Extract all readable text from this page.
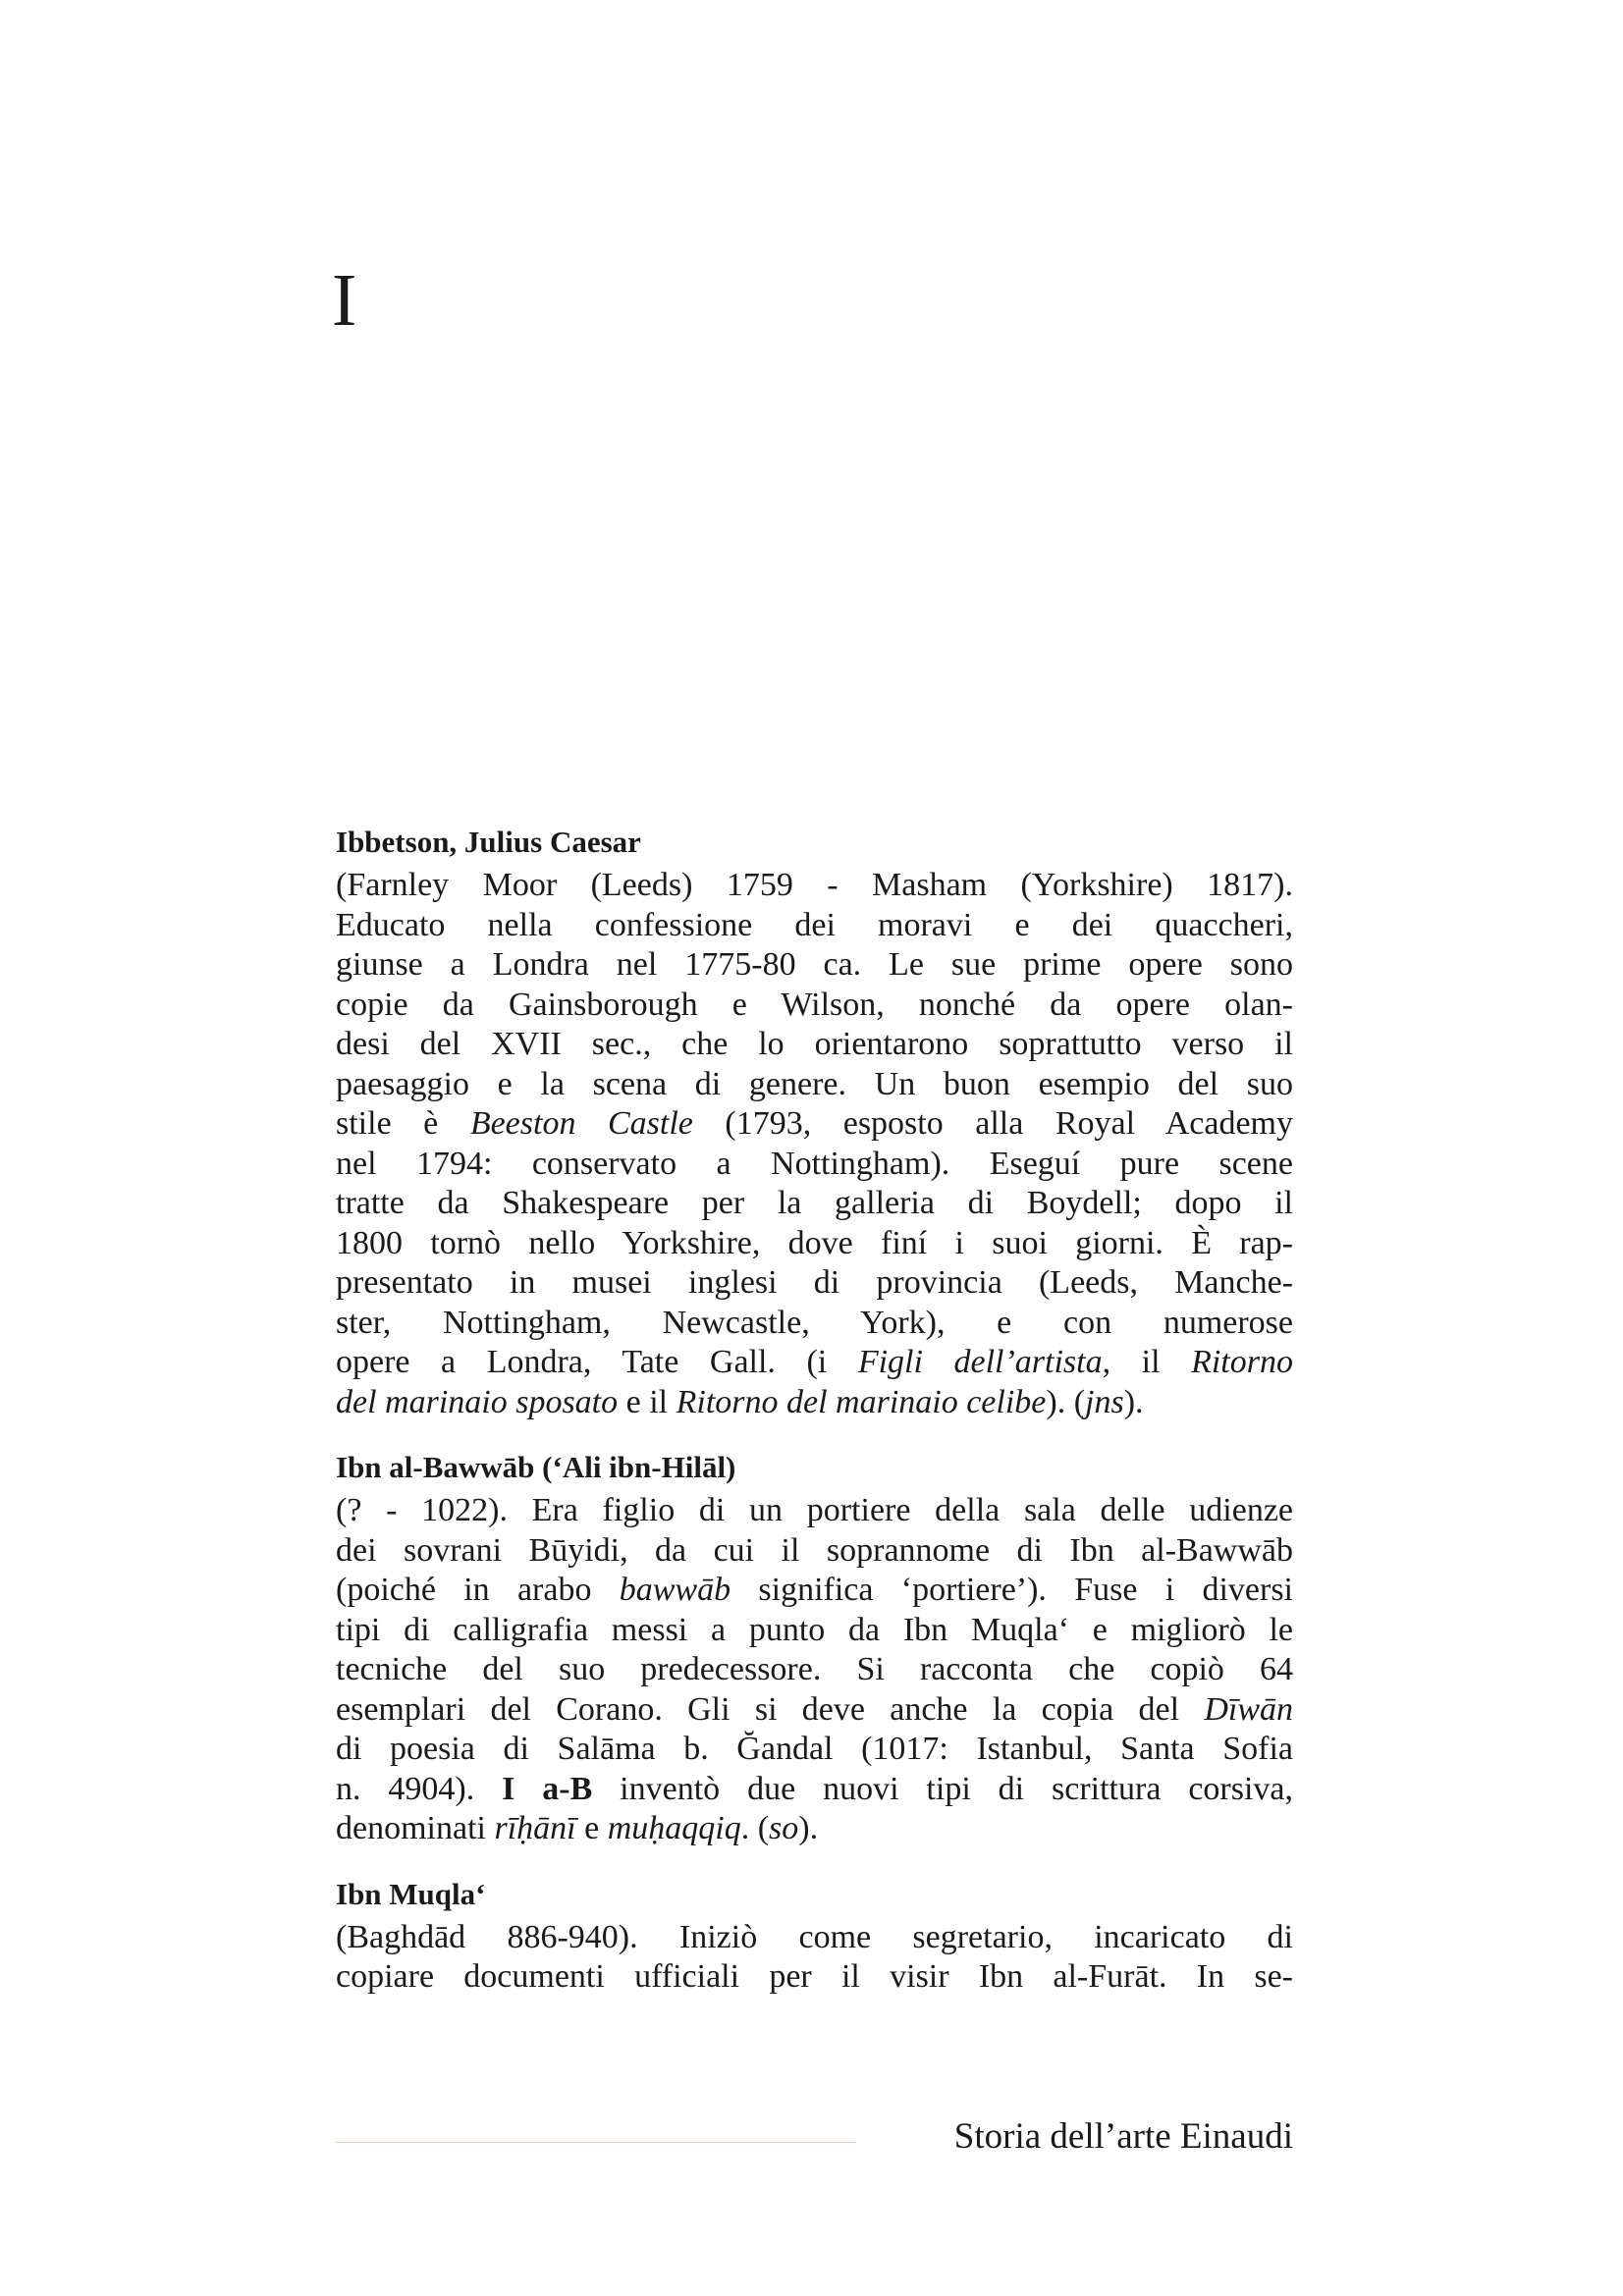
I
Ibbetson, Julius Caesar

(Farnley Moor (Leeds) 1759 - Masham (Yorkshire) 1817).
Educato nella confessione dei moravi e dei quaccheri,
giunse a Londra nel 1775-80 ca. Le sue prime opere sono
copie da Gainsborough e Wilson, nonché da opere olan-
desi del XVII sec., che lo orientarono soprattutto verso il
paesaggio e la scena di genere. Un buon esempio del suo
stile è Beeston Castle (1793, esposto alla Royal Academy
nel 1794: conservato a Nottingham). Eseguí pure scene
tratte da Shakespeare per la galleria di Boydell; dopo il
1800 tornò nello Yorkshire, dove finí i suoi giorni. È rap-
presentato in musei inglesi di provincia (Leeds, Manche-
ster, Nottingham, Newcastle, York), e con numerose
opere a Londra, Tate Gall. (i Figli dell’artista, il Ritorno
del marinaio sposato e il Ritorno del marinaio celibe). (jns).

Ibn al-Bawwāb (‘Ali ibn-Hilāl)

(? - 1022). Era figlio di un portiere della sala delle udienze
dei sovrani Būyidi, da cui il soprannome di Ibn al-Bawwāb
(poiché in arabo bawwāb significa ‘portiere’). Fuse i diversi
tipi di calligrafia messi a punto da Ibn Muqla‘ e migliorò le
tecniche del suo predecessore. Si racconta che copiò 64
esemplari del Corano. Gli si deve anche la copia del Dīwān
di poesia di Salāma b. Ğandal (1017: Istanbul, Santa Sofia
n. 4904). I a-B inventò due nuovi tipi di scrittura corsiva,
denominati rīḥānī e muḥaqqiq. (so).

Ibn Muqla‘

(Baghdād 886-940). Iniziò come segretario, incaricato di
copiare documenti ufficiali per il visir Ibn al-Furāt. In se-

Storia dell’arte Einaudi
